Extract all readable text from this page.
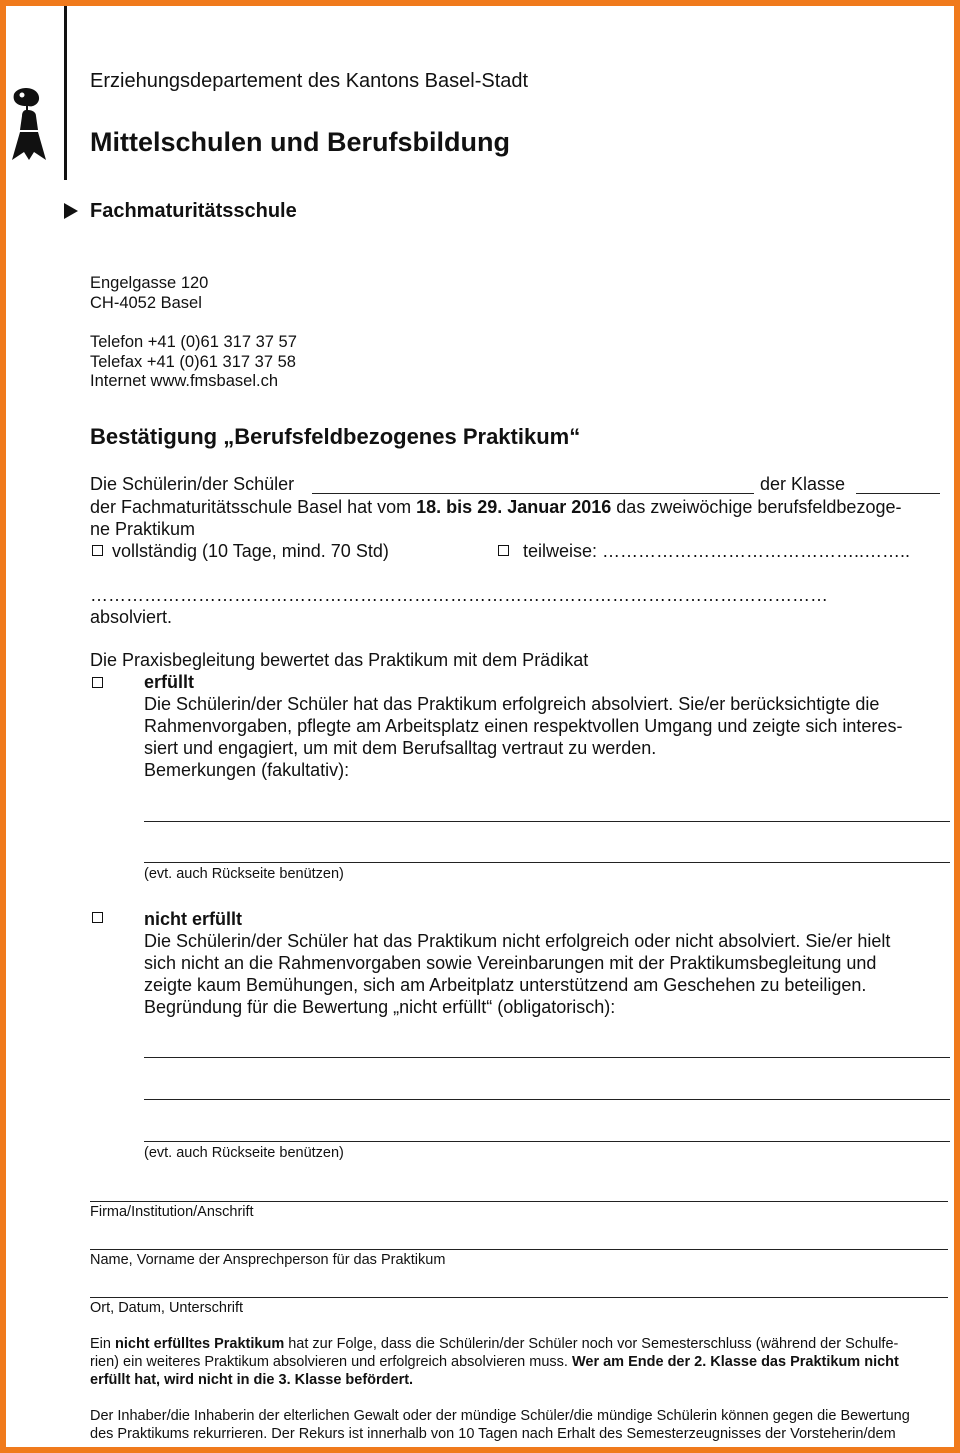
Erziehungsdepartement des Kantons Basel-Stadt
Mittelschulen und Berufsbildung
Fachmaturitätsschule
Engelgasse 120
CH-4052 Basel
Telefon +41 (0)61 317 37 57
Telefax +41 (0)61 317 37 58
Internet www.fmsbasel.ch
Bestätigung „Berufsfeldbezogenes Praktikum“
Die Schülerin/der Schüler	der Klasse
der Fachmaturitätsschule Basel hat vom 18. bis 29. Januar 2016 das zweiwöchige berufsfeldbezoge-
ne Praktikum
vollständig (10 Tage, mind. 70 Std)	teilweise: ……………………………………..……..
……………………………………………………………………………………………………………
absolviert.
Die Praxisbegleitung bewertet das Praktikum mit dem Prädikat
erfüllt
Die Schülerin/der Schüler hat das Praktikum erfolgreich absolviert. Sie/er berücksichtigte die
Rahmenvorgaben, pflegte am Arbeitsplatz einen respektvollen Umgang und zeigte sich interes-
siert und engagiert, um mit dem Berufsalltag vertraut zu werden.
Bemerkungen (fakultativ):
(evt. auch Rückseite benützen)
nicht erfüllt
Die Schülerin/der Schüler hat das Praktikum nicht erfolgreich oder nicht absolviert. Sie/er hielt
sich nicht an die Rahmenvorgaben sowie Vereinbarungen mit der Praktikumsbegleitung und
zeigte kaum Bemühungen, sich am Arbeitplatz unterstützend am Geschehen zu beteiligen.
Begründung für die Bewertung „nicht erfüllt“ (obligatorisch):
(evt. auch Rückseite benützen)
Firma/Institution/Anschrift
Name, Vorname der Ansprechperson für das Praktikum
Ort, Datum, Unterschrift
Ein nicht erfülltes Praktikum hat zur Folge, dass die Schülerin/der Schüler noch vor Semesterschluss (während der Schulfe-
rien) ein weiteres Praktikum absolvieren und erfolgreich absolvieren muss. Wer am Ende der 2. Klasse das Praktikum nicht
erfüllt hat, wird nicht in die 3. Klasse befördert.
Der Inhaber/die Inhaberin der elterlichen Gewalt oder der mündige Schüler/die mündige Schülerin können gegen die Bewertung
des Praktikums rekurrieren. Der Rekurs ist innerhalb von 10 Tagen nach Erhalt des Semesterzeugnisses der Vorsteherin/dem
